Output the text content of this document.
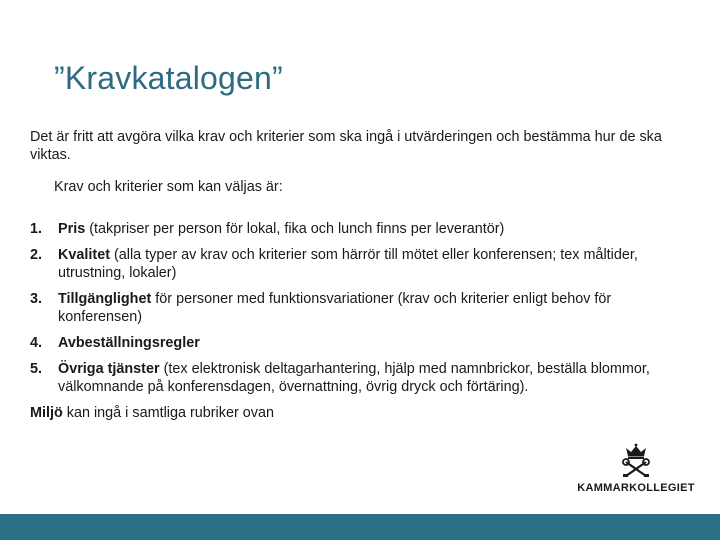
”Kravkatalogen”

Det är fritt att avgöra vilka krav och kriterier som ska ingå i utvärderingen och bestämma hur de ska viktas.

Krav och kriterier som kan väljas är:

1. Pris (takpriser per person för lokal, fika och lunch finns per leverantör)
2. Kvalitet (alla typer av krav och kriterier som härrör till mötet eller konferensen; tex måltider, utrustning, lokaler)
3. Tillgänglighet för personer med funktionsvariationer (krav och kriterier enligt behov för konferensen)
4. Avbeställningsregler
5. Övriga tjänster (tex elektronisk deltagarhantering, hjälp med namnbrickor, beställa blommor, välkomnande på konferensdagen, övernattning, övrig dryck och förtäring).

Miljö kan ingå i samtliga rubriker ovan

KAMMARKOLLEGIET
